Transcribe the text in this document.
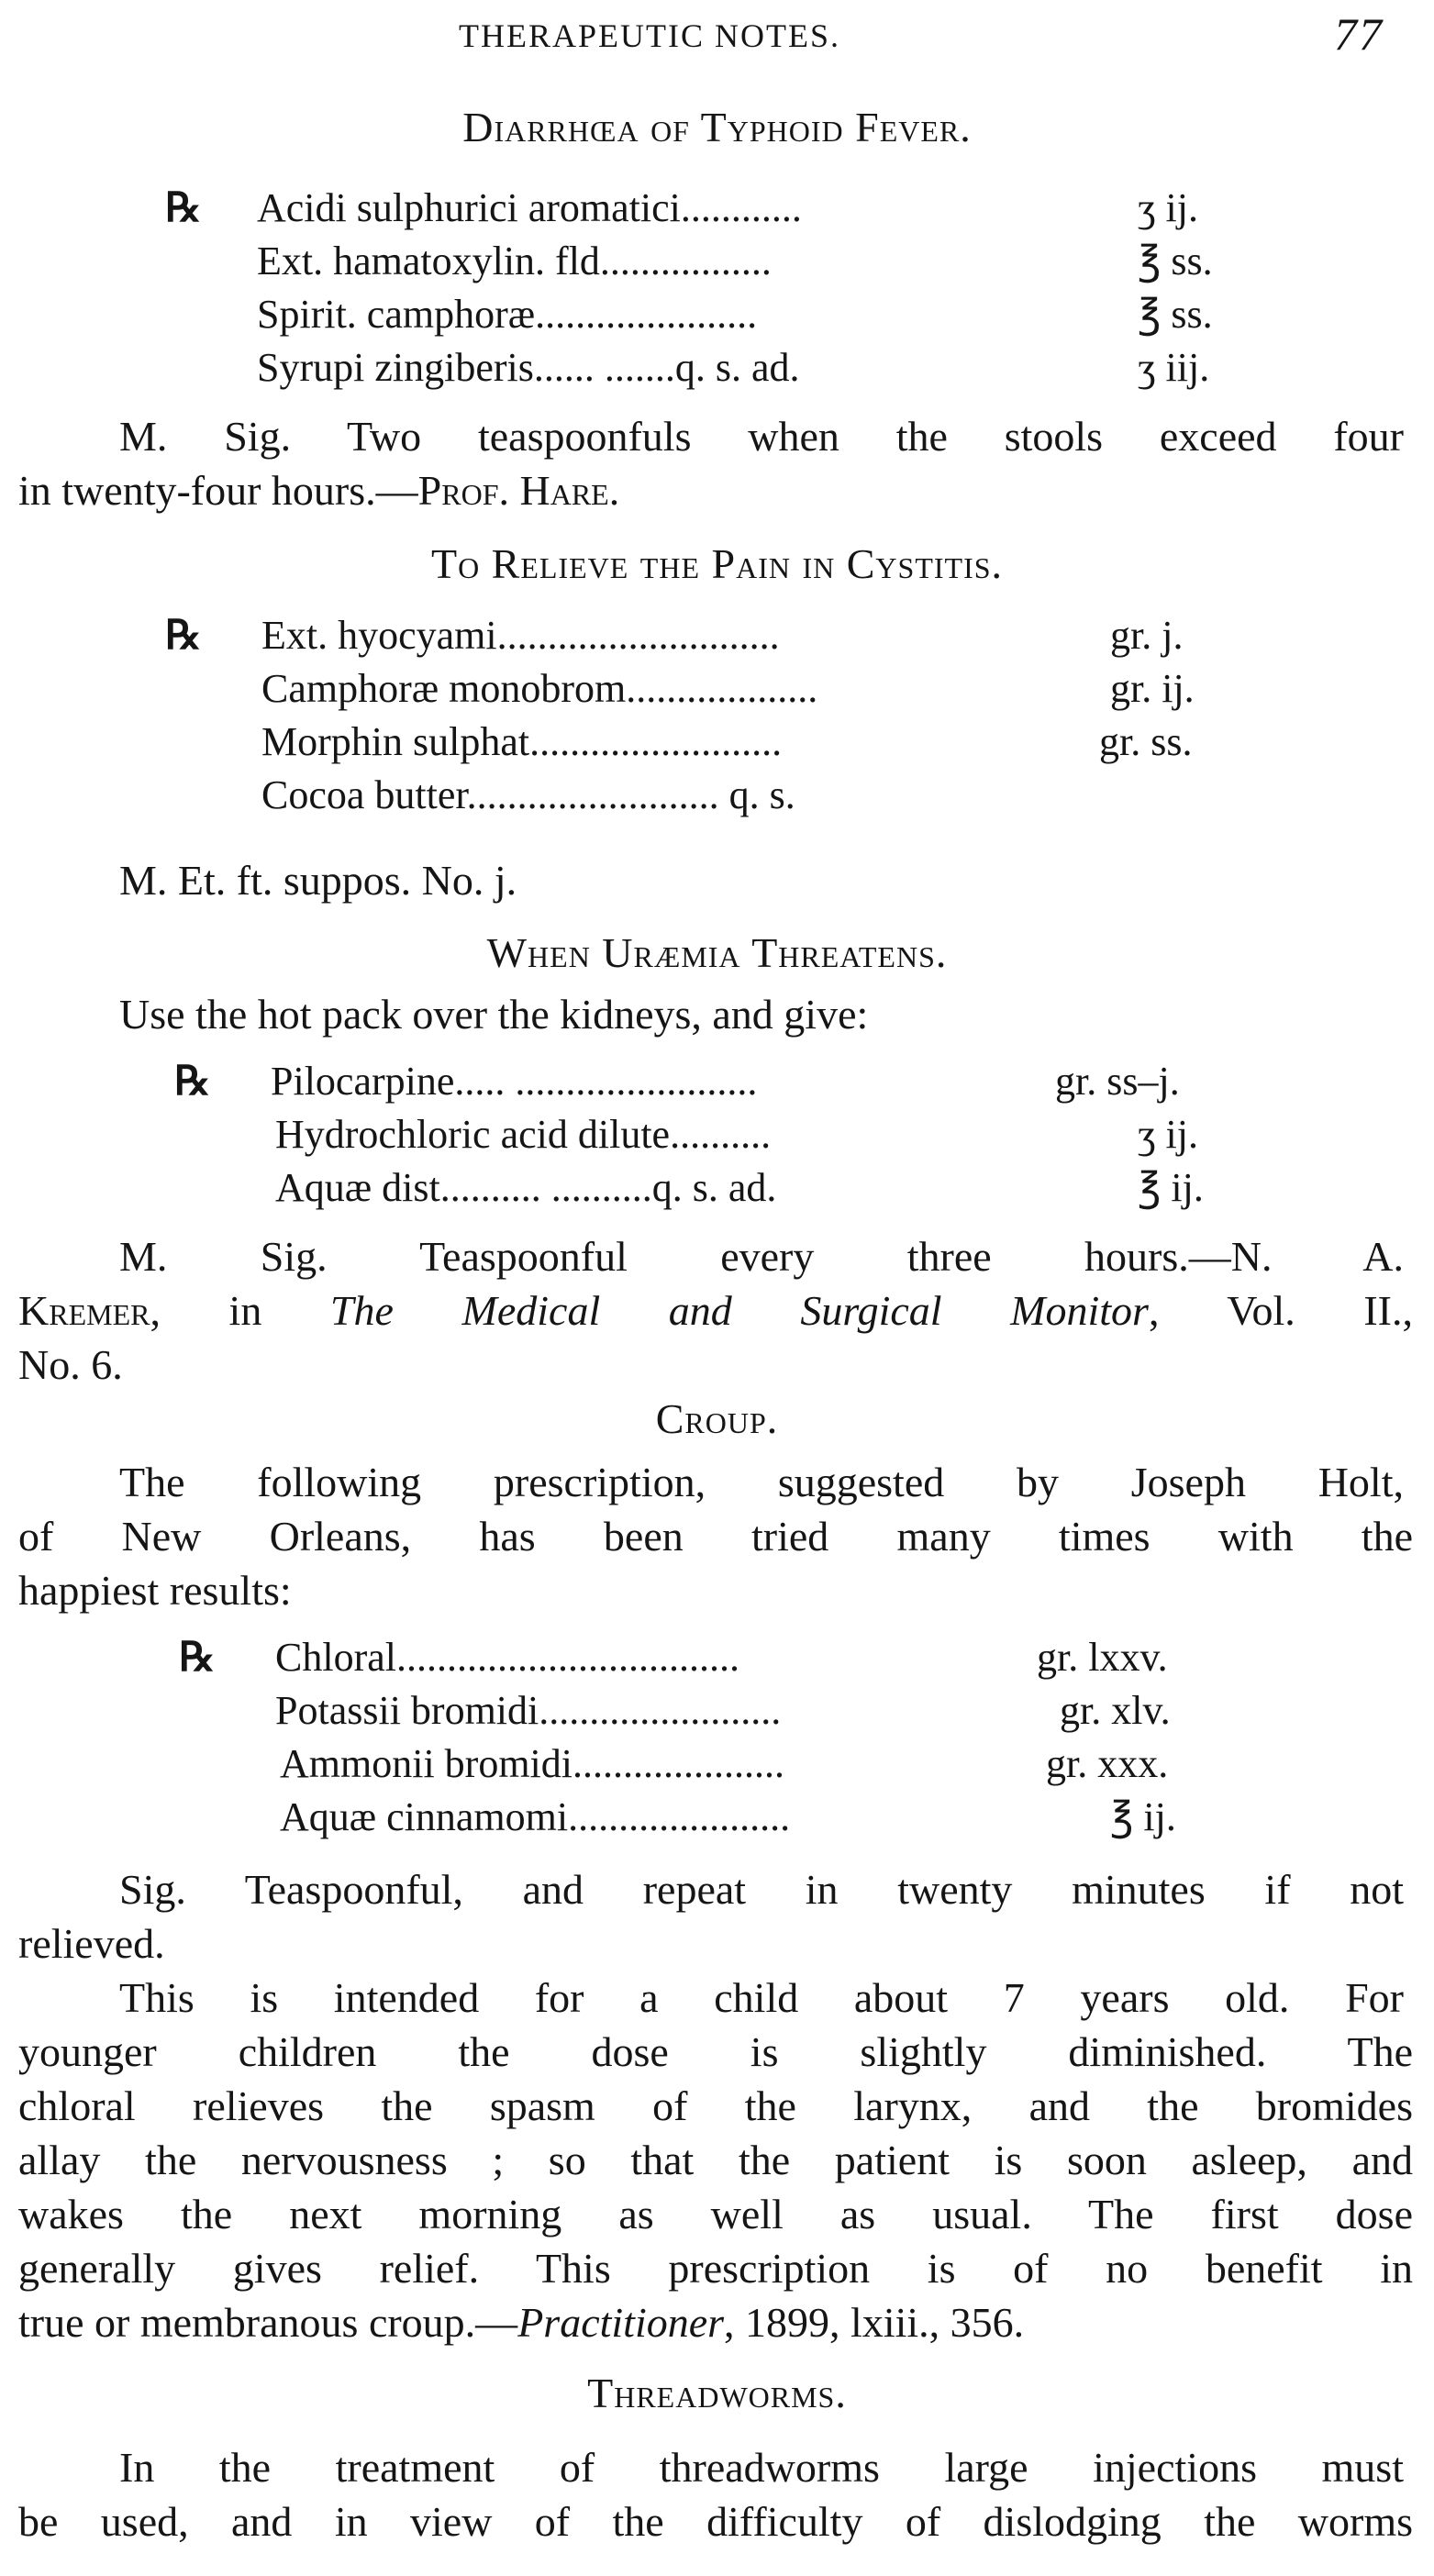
THERAPEUTIC NOTES.	77
Diarrhœa of Typhoid Fever.
℞ Acidi sulphurici aromatici............	ʒ ij.
Ext. hamatoxylin. fld.................	℥ ss.
Spirit. camphoræ......................	℥ ss.
Syrupi zingiberis...... .......q. s. ad.	ʒ iij.
M. Sig. Two teaspoonfuls when the stools exceed four
in twenty-four hours.—Prof. Hare.
To Relieve the Pain in Cystitis.
℞ Ext. hyocyami............................	gr. j.
Camphoræ monobrom...................	gr. ij.
Morphin sulphat.........................	gr. ss.
Cocoa butter......................... q. s.
M. Et. ft. suppos. No. j.
When Uræmia Threatens.
Use the hot pack over the kidneys, and give:
℞ Pilocarpine..... ........................	gr. ss–j.
Hydrochloric acid dilute..........	ʒ ij.
Aquæ dist.......... ..........q. s. ad.	℥ ij.
M. Sig. Teaspoonful every three hours.—N. A.
Kremer, in The Medical and Surgical Monitor, Vol. II.,
No. 6.
Croup.
The following prescription, suggested by Joseph Holt,
of New Orleans, has been tried many times with the
happiest results:
℞ Chloral..................................	gr. lxxv.
Potassii bromidi........................	gr. xlv.
Ammonii bromidi.....................	gr. xxx.
Aquæ cinnamomi......................	℥ ij.
Sig. Teaspoonful, and repeat in twenty minutes if not
relieved.
This is intended for a child about 7 years old. For
younger children the dose is slightly diminished. The
chloral relieves the spasm of the larynx, and the bromides
allay the nervousness ; so that the patient is soon asleep, and
wakes the next morning as well as usual. The first dose
generally gives relief. This prescription is of no benefit in
true or membranous croup.—Practitioner, 1899, lxiii., 356.
Threadworms.
In the treatment of threadworms large injections must
be used, and in view of the difficulty of dislodging the worms
